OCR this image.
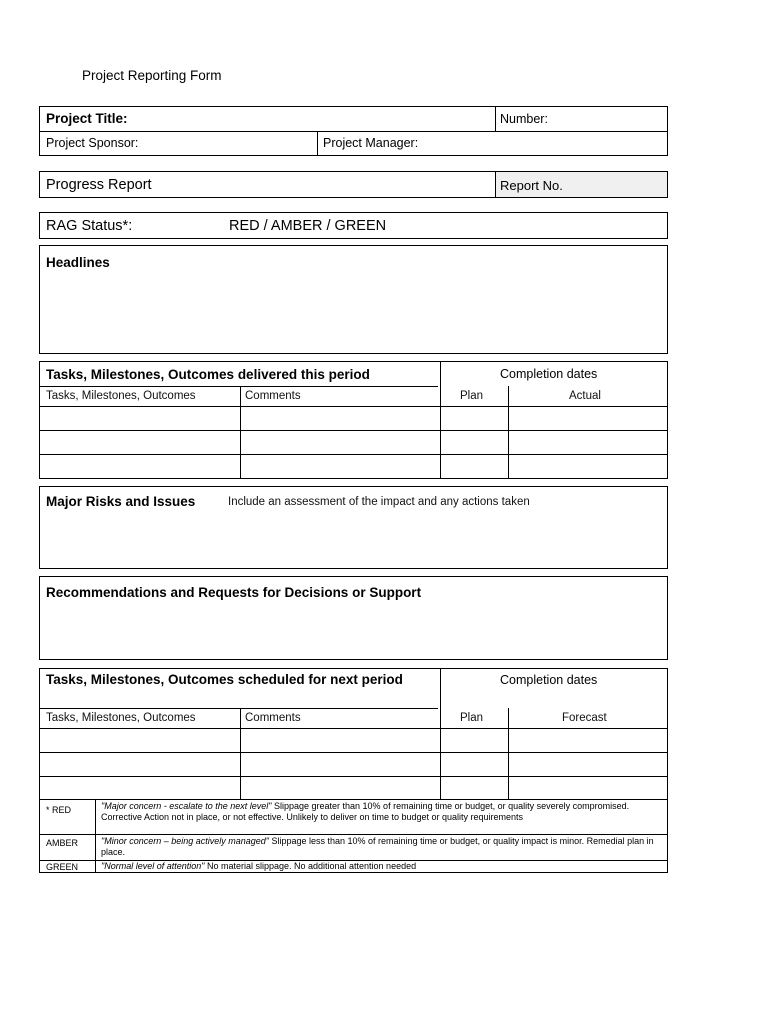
Project Reporting Form
Project Title:	Number:
Project Sponsor:	Project Manager:
Progress Report	Report No.
RAG Status*:	RED / AMBER / GREEN
Headlines
Tasks, Milestones, Outcomes delivered this period	Completion dates
Tasks, Milestones, Outcomes	Comments	Plan	Actual
Major Risks and Issues	Include an assessment of the impact and any actions taken
Recommendations and Requests for Decisions or Support
Tasks, Milestones, Outcomes scheduled for next period	Completion dates
Tasks, Milestones, Outcomes	Comments	Plan	Forecast
* RED	"Major concern - escalate to the next level" Slippage greater than 10% of remaining time or budget, or quality severely compromised. Corrective Action not in place, or not effective. Unlikely to deliver on time to budget or quality requirements
AMBER	"Minor concern – being actively managed" Slippage less than 10% of remaining time or budget, or quality impact is minor. Remedial plan in place.
GREEN	"Normal level of attention" No material slippage. No additional attention needed
